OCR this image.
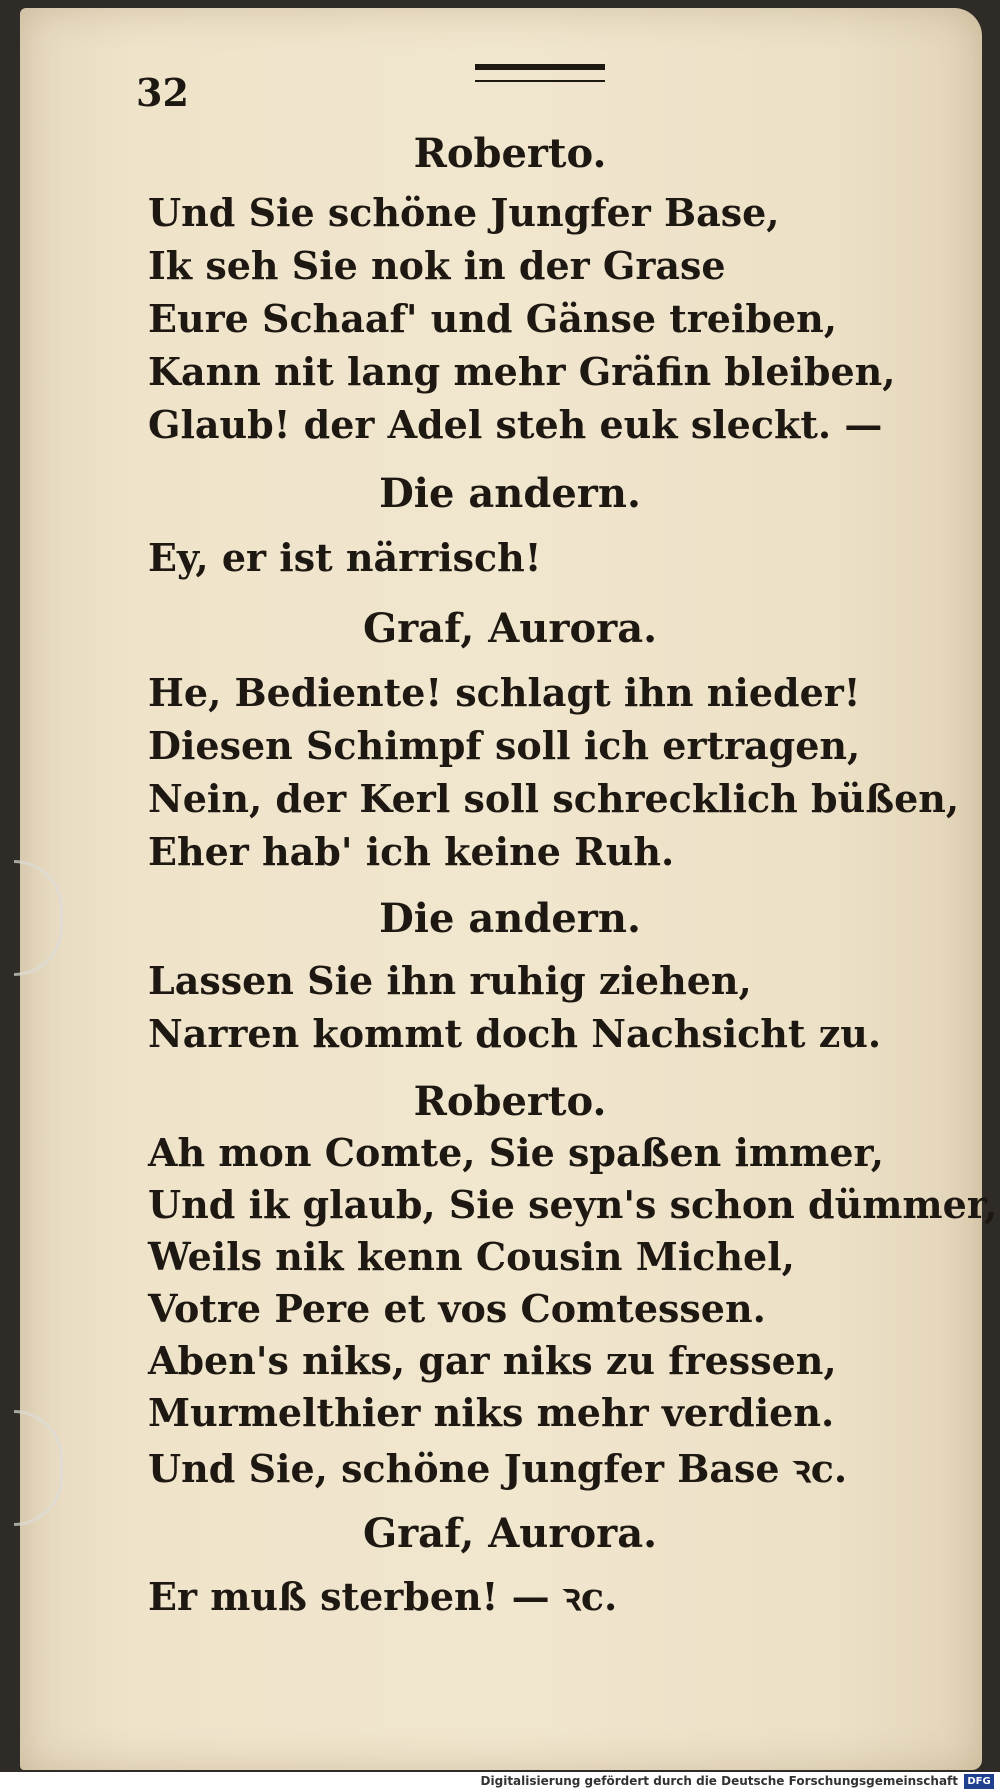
32
Roberto.
Und Sie schöne Jungfer Base,
Ik seh Sie nok in der Grase
Eure Schaaf' und Gänse treiben,
Kann nit lang mehr Gräfin bleiben,
Glaub! der Adel steh euk sleckt. —
Die andern.
Ey, er ist närrisch!
Graf, Aurora.
He, Bediente! schlagt ihn nieder!
Diesen Schimpf soll ich ertragen,
Nein, der Kerl soll schrecklich büßen,
Eher hab' ich keine Ruh.
Die andern.
Lassen Sie ihn ruhig ziehen,
Narren kommt doch Nachsicht zu.
Roberto.
Ah mon Comte, Sie spaßen immer,
Und ik glaub, Sie seyn's schon dümmer,
Weils nik kenn Cousin Michel,
Votre Pere et vos Comtessen.
Aben's niks, gar niks zu fressen,
Murmelthier niks mehr verdien.
Und Sie, schöne Jungfer Base ꝛc.
Graf, Aurora.
Er muß sterben! — ꝛc.
Digitalisierung gefördert durch die Deutsche Forschungsgemeinschaft DFG
